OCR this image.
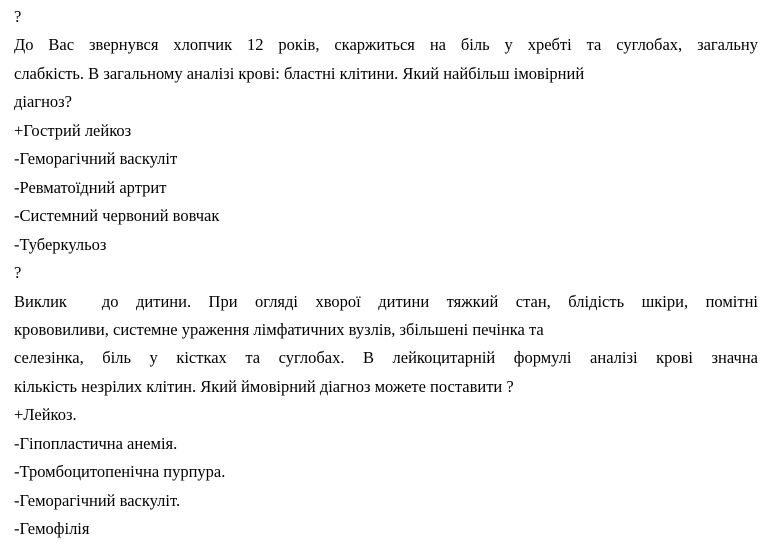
?
До Вас звернувся хлопчик 12 років, скаржиться на біль у хребті та суглобах, загальну
слабкість. В загальному аналізі крові: бластні клітини. Який найбільш імовірний
діагноз?
+Гострий лейкоз
-Геморагічний васкуліт
-Ревматоїдний артрит
-Системний червоний вовчак
-Туберкульоз
?
Виклик  до дитини. При огляді хворої дитини тяжкий стан, блідість шкіри, помітні
крововиливи, системне ураження лімфатичних вузлів, збільшені печінка та
селезінка, біль у кістках та суглобах. В лейкоцитарній формулі аналізі крові значна
кількість незрілих клітин. Який ймовірний діагноз можете поставити ?
+Лейкоз.
-Гіпопластична анемія.
-Тромбоцитопенічна пурпура.
-Геморагічний васкуліт.
-Гемофілія
